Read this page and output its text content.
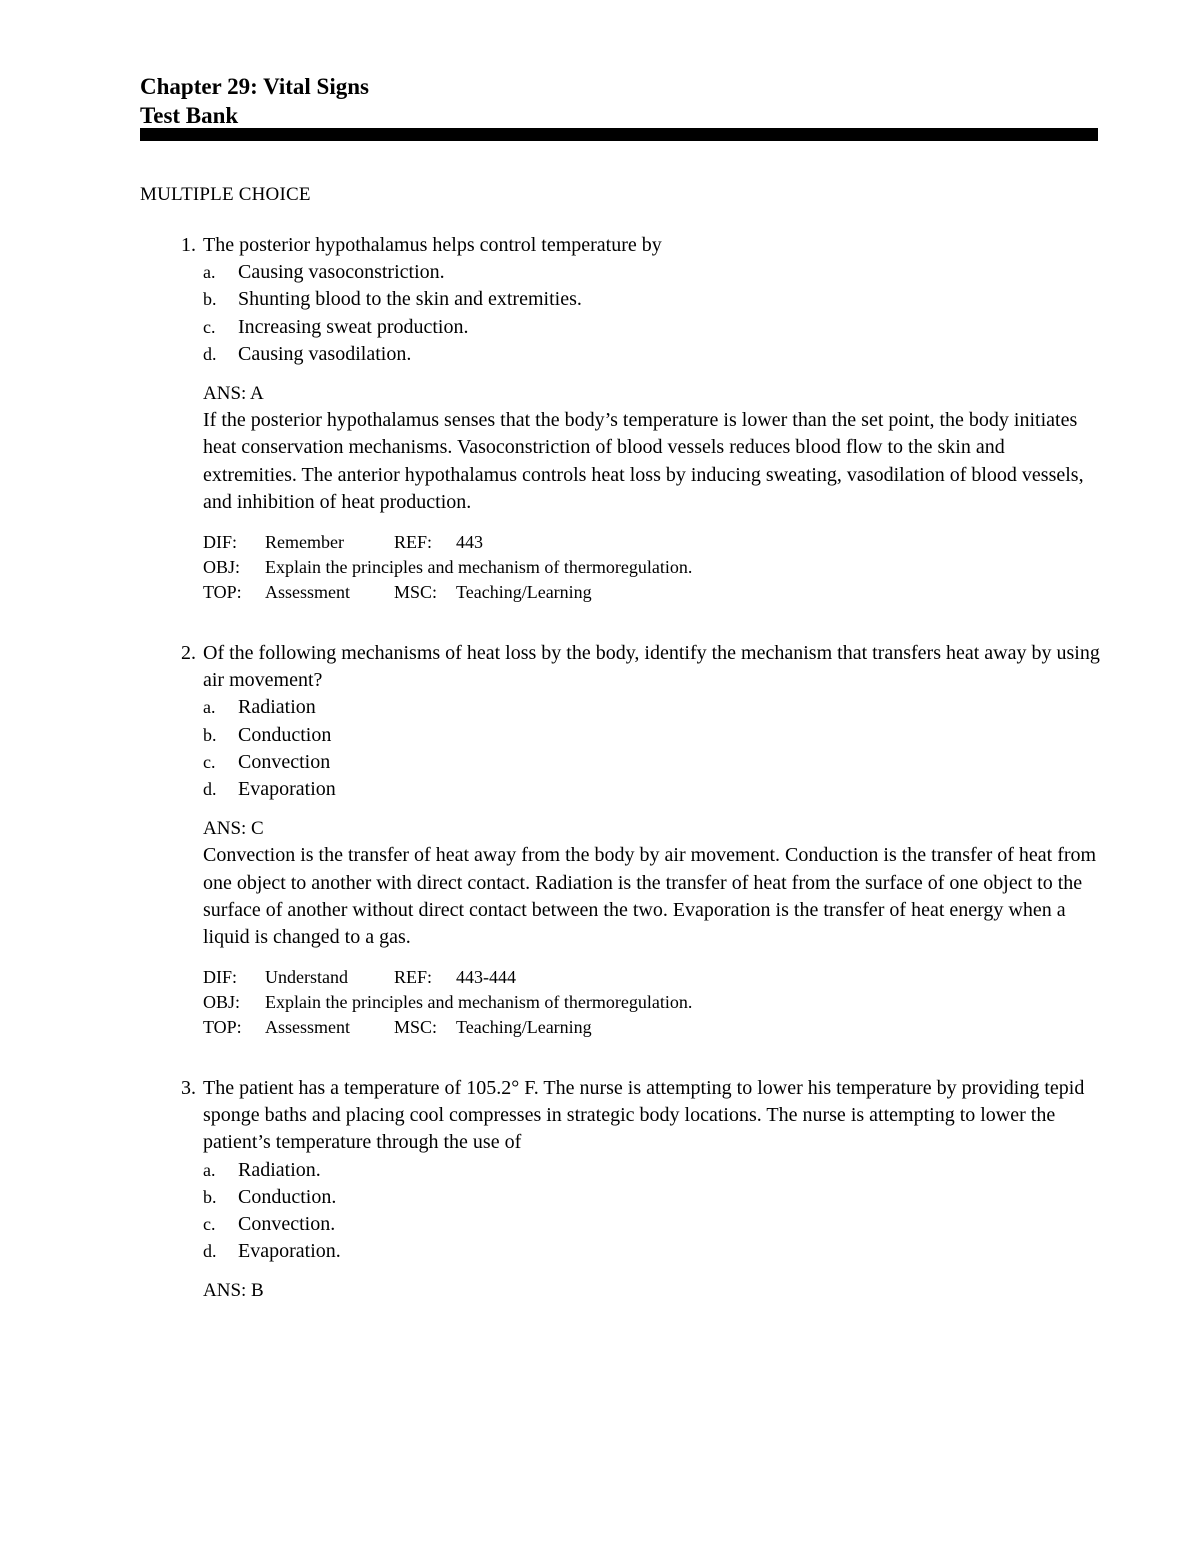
Chapter 29: Vital Signs
Test Bank
MULTIPLE CHOICE
1. The posterior hypothalamus helps control temperature by
a. Causing vasoconstriction.
b. Shunting blood to the skin and extremities.
c. Increasing sweat production.
d. Causing vasodilation.
ANS: A
If the posterior hypothalamus senses that the body’s temperature is lower than the set point, the body initiates heat conservation mechanisms. Vasoconstriction of blood vessels reduces blood flow to the skin and extremities. The anterior hypothalamus controls heat loss by inducing sweating, vasodilation of blood vessels, and inhibition of heat production.
DIF: Remember	REF: 443
OBJ: Explain the principles and mechanism of thermoregulation.
TOP: Assessment MSC: Teaching/Learning
2. Of the following mechanisms of heat loss by the body, identify the mechanism that transfers heat away by using air movement?
a. Radiation
b. Conduction
c. Convection
d. Evaporation
ANS: C
Convection is the transfer of heat away from the body by air movement. Conduction is the transfer of heat from one object to another with direct contact. Radiation is the transfer of heat from the surface of one object to the surface of another without direct contact between the two. Evaporation is the transfer of heat energy when a liquid is changed to a gas.
DIF: Understand	REF: 443-444
OBJ: Explain the principles and mechanism of thermoregulation.
TOP: Assessment MSC: Teaching/Learning
3. The patient has a temperature of 105.2° F. The nurse is attempting to lower his temperature by providing tepid sponge baths and placing cool compresses in strategic body locations. The nurse is attempting to lower the patient’s temperature through the use of
a. Radiation.
b. Conduction.
c. Convection.
d. Evaporation.
ANS: B
